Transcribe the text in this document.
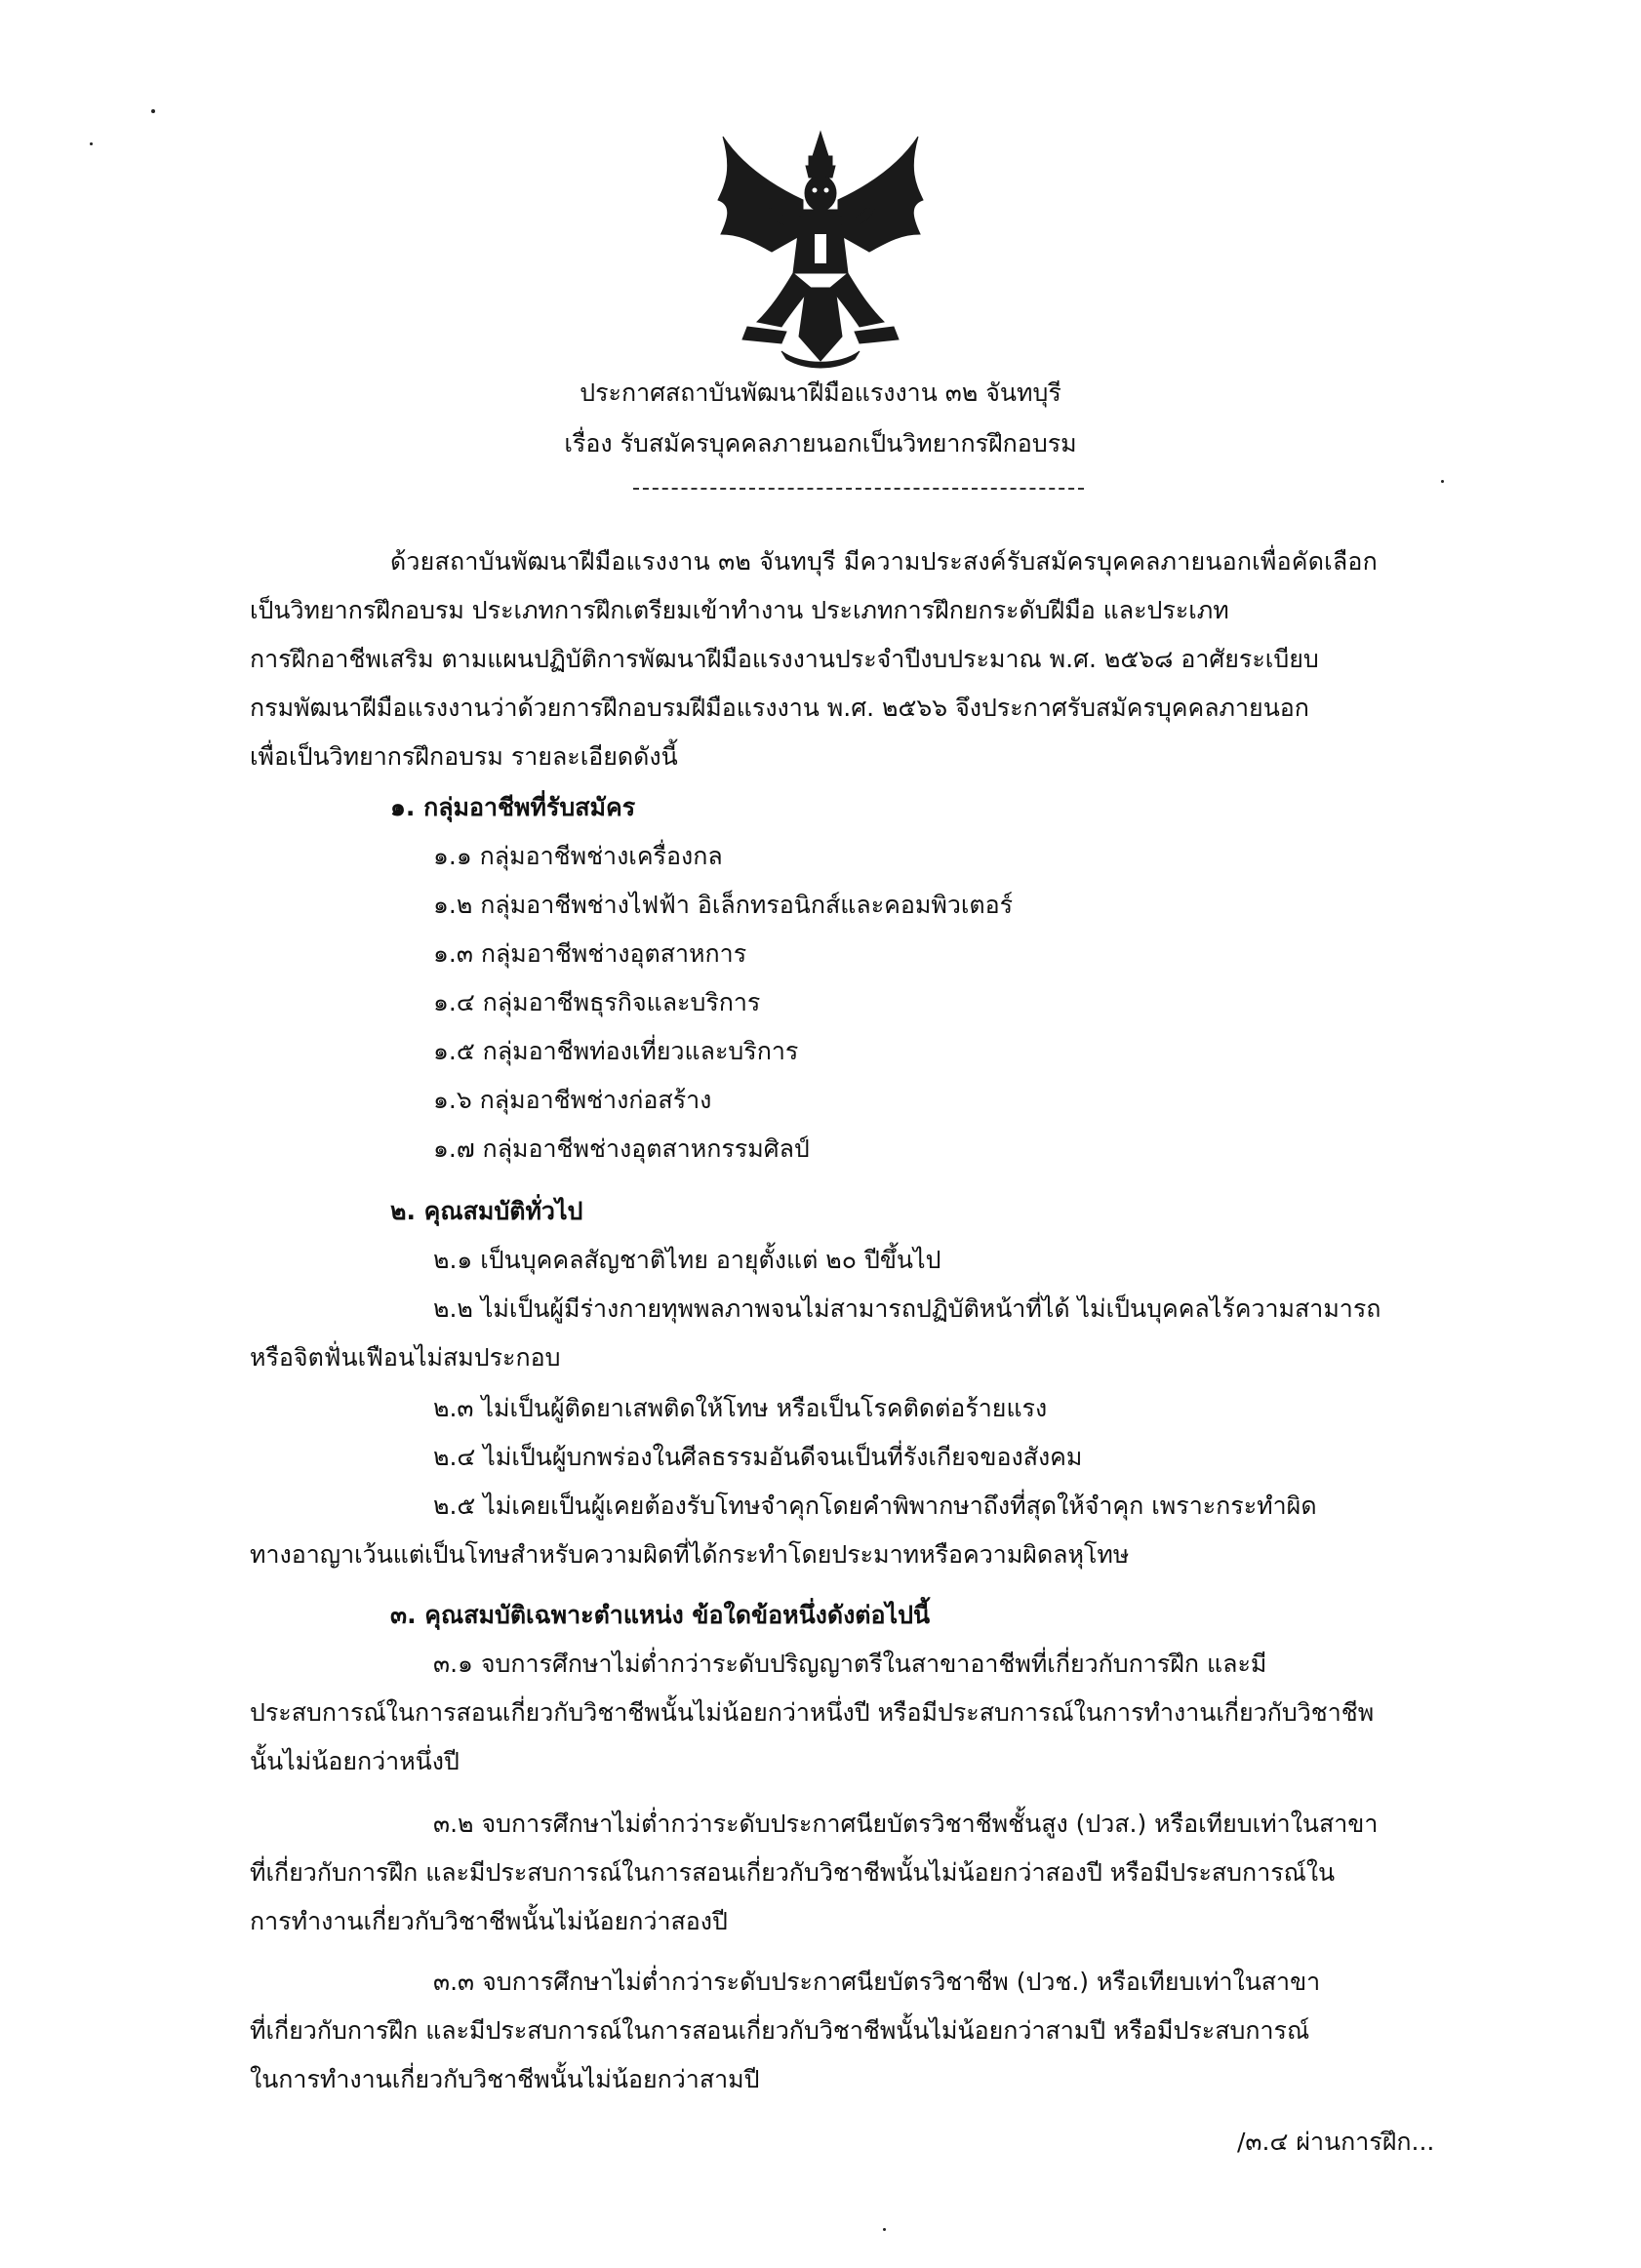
ประกาศสถาบันพัฒนาฝีมือแรงงาน ๓๒ จันทบุรี
เรื่อง รับสมัครบุคคลภายนอกเป็นวิทยากรฝึกอบรม
ด้วยสถาบันพัฒนาฝีมือแรงงาน ๓๒ จันทบุรี มีความประสงค์รับสมัครบุคคลภายนอกเพื่อคัดเลือก
เป็นวิทยากรฝึกอบรม ประเภทการฝึกเตรียมเข้าทำงาน ประเภทการฝึกยกระดับฝีมือ และประเภท
การฝึกอาชีพเสริม ตามแผนปฏิบัติการพัฒนาฝีมือแรงงานประจำปีงบประมาณ พ.ศ. ๒๕๖๘ อาศัยระเบียบ
กรมพัฒนาฝีมือแรงงานว่าด้วยการฝึกอบรมฝีมือแรงงาน พ.ศ. ๒๕๖๖ จึงประกาศรับสมัครบุคคลภายนอก
เพื่อเป็นวิทยากรฝึกอบรม รายละเอียดดังนี้
๑. กลุ่มอาชีพที่รับสมัคร
๑.๑ กลุ่มอาชีพช่างเครื่องกล
๑.๒ กลุ่มอาชีพช่างไฟฟ้า อิเล็กทรอนิกส์และคอมพิวเตอร์
๑.๓ กลุ่มอาชีพช่างอุตสาหการ
๑.๔ กลุ่มอาชีพธุรกิจและบริการ
๑.๕ กลุ่มอาชีพท่องเที่ยวและบริการ
๑.๖ กลุ่มอาชีพช่างก่อสร้าง
๑.๗ กลุ่มอาชีพช่างอุตสาหกรรมศิลป์
๒. คุณสมบัติทั่วไป
๒.๑ เป็นบุคคลสัญชาติไทย อายุตั้งแต่ ๒๐ ปีขึ้นไป
๒.๒ ไม่เป็นผู้มีร่างกายทุพพลภาพจนไม่สามารถปฏิบัติหน้าที่ได้ ไม่เป็นบุคคลไร้ความสามารถ
หรือจิตฟั่นเฟือนไม่สมประกอบ
๒.๓ ไม่เป็นผู้ติดยาเสพติดให้โทษ หรือเป็นโรคติดต่อร้ายแรง
๒.๔ ไม่เป็นผู้บกพร่องในศีลธรรมอันดีจนเป็นที่รังเกียจของสังคม
๒.๕ ไม่เคยเป็นผู้เคยต้องรับโทษจำคุกโดยคำพิพากษาถึงที่สุดให้จำคุก เพราะกระทำผิด
ทางอาญาเว้นแต่เป็นโทษสำหรับความผิดที่ได้กระทำโดยประมาทหรือความผิดลหุโทษ
๓. คุณสมบัติเฉพาะตำแหน่ง ข้อใดข้อหนึ่งดังต่อไปนี้
๓.๑ จบการศึกษาไม่ต่ำกว่าระดับปริญญาตรีในสาขาอาชีพที่เกี่ยวกับการฝึก และมี
ประสบการณ์ในการสอนเกี่ยวกับวิชาชีพนั้นไม่น้อยกว่าหนึ่งปี หรือมีประสบการณ์ในการทำงานเกี่ยวกับวิชาชีพ
นั้นไม่น้อยกว่าหนึ่งปี
๓.๒ จบการศึกษาไม่ต่ำกว่าระดับประกาศนียบัตรวิชาชีพชั้นสูง (ปวส.) หรือเทียบเท่าในสาขา
ที่เกี่ยวกับการฝึก และมีประสบการณ์ในการสอนเกี่ยวกับวิชาชีพนั้นไม่น้อยกว่าสองปี หรือมีประสบการณ์ใน
การทำงานเกี่ยวกับวิชาชีพนั้นไม่น้อยกว่าสองปี
๓.๓ จบการศึกษาไม่ต่ำกว่าระดับประกาศนียบัตรวิชาชีพ (ปวช.) หรือเทียบเท่าในสาขา
ที่เกี่ยวกับการฝึก และมีประสบการณ์ในการสอนเกี่ยวกับวิชาชีพนั้นไม่น้อยกว่าสามปี หรือมีประสบการณ์
ในการทำงานเกี่ยวกับวิชาชีพนั้นไม่น้อยกว่าสามปี
/๓.๔ ผ่านการฝึก...
